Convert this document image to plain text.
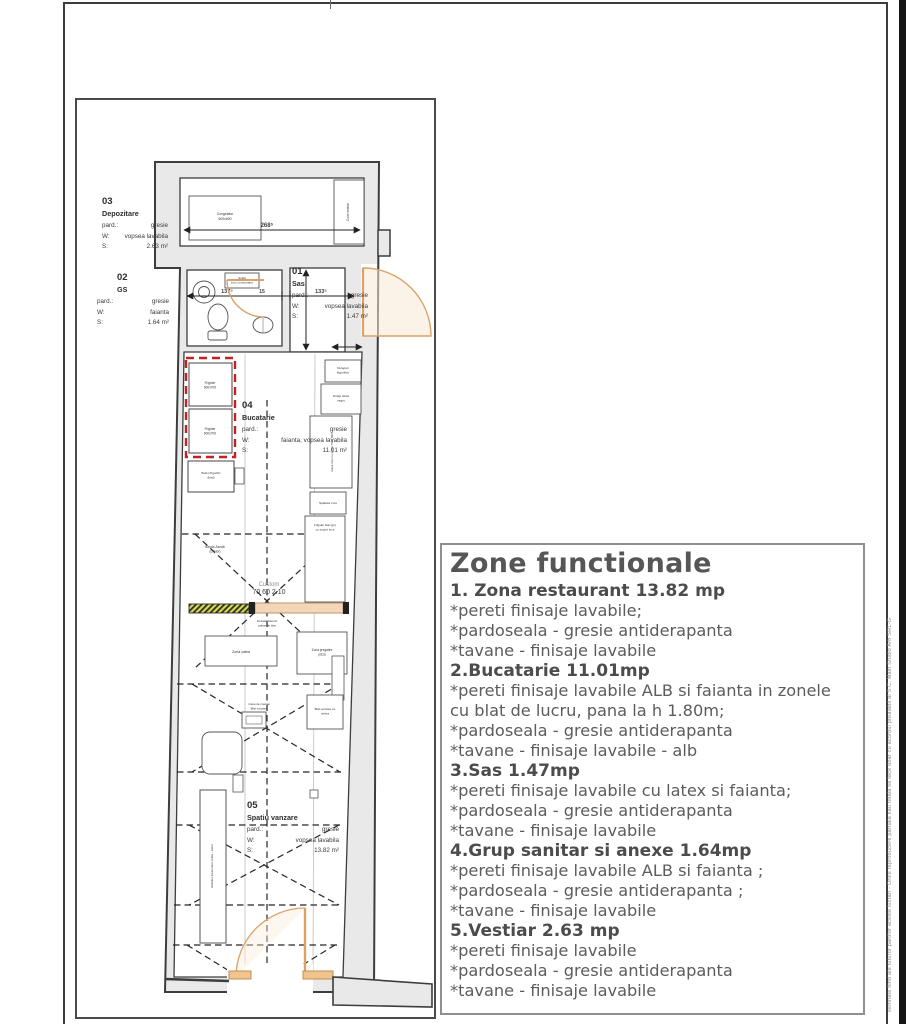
semnate fiind ale tuturor partilor aceste lucrari - Orice reproducere partiala sau totala se face doar cu acordul prealabil al S.C. Main Studio Arh SRL-G
Congelator
600x600	Cuier vestiar
Scafa
inox cu picurator
268⁵
137⁵	15	133⁵
Frigider
600x700
Frigider
600x700
Bufet frigorific
(blat)
Dulapuri
frigorifice
Dulap sticla
negru
masa inox cu polita 75x1.80m
Spalator inox
Frigider blat (gn)
cu suport inox
Banda Zanolli
(cuptor)
Dozator bauturi
pahar de blat
Zona cafea	Zona pregatire
pizza
Casa de marcat
Blat vanzare	Blat vanzare cu
vitrina
Mobilier prezentare cafea - client
03
Depozitare
pard.:	gresie
W: vopsea lavabila
S:	2.63 m²
02
GS
pard.:	gresie
W:	faianta
S:	1.64 m²
01
Sas
pard.:	gresie
W:	vopsea lavabila
S:	1.47 m²
04
Bucatarie
pard.:	gresie
W:	faianta, vopsea lavabila
S:	11.01 m²
05
Spatiu vanzare
pard.:	gresie
W:	vopsea lavabila
S:	13.82 m²
Custom
70 60 2.10
Zone functionale
1. Zona restaurant 13.82 mp
*pereti finisaje lavabile;
*pardoseala - gresie antiderapanta
*tavane - finisaje lavabile
2.Bucatarie 11.01mp
*pereti finisaje lavabile ALB si faianta in zonele cu blat de lucru, pana la h 1.80m;
*pardoseala - gresie antiderapanta
*tavane - finisaje lavabile - alb
3.Sas 1.47mp
*pereti finisaje lavabile cu latex si faianta;
*pardoseala - gresie antiderapanta
*tavane - finisaje lavabile
4.Grup sanitar si anexe 1.64mp
*pereti finisaje lavabile ALB si faianta ;
*pardoseala - gresie antiderapanta ;
*tavane - finisaje lavabile
5.Vestiar 2.63 mp
*pereti finisaje lavabile
*pardoseala - gresie antiderapanta
*tavane - finisaje lavabile
